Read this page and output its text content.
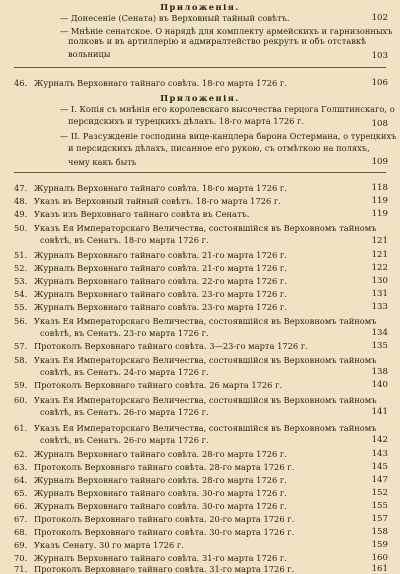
Приложенія.
— Донесеніе (Сената) въ Верховный тайный совѣтъ.	102
— Мнѣніе сенатское. О нарядѣ для комплекту армейскихъ и гарнизонныхъ
полковъ и въ артиллерію и адмиралтейство рекрутъ и объ отставкѣ
вольницы	103
46. Журналъ Верховнаго тайнаго совѣта. 18-го марта 1726 г.	106
Приложенія.
— I. Копія съ мнѣнія его королевскаго высочества герцога Голштинскаго, о
персидскихъ и турецкихъ дѣлахъ. 18-го марта 1726 г.	108
— II. Разсужденіе господина вице-канцлера барона Остермана, о турецкихъ
и персидскихъ дѣлахъ, писанное его рукою, съ отмѣткою на поляхъ,
чему какъ быть	109
47. Журналъ Верховнаго тайнаго совѣта. 18-го марта 1726 г.	118
48. Указъ въ Верховный тайный совѣтъ. 18-го марта 1726 г.	119
49. Указъ изъ Верховнаго тайнаго совѣта въ Сенатъ.	119
50. Указъ Ея Императорскаго Величества, состоявшійся въ Верховномъ тайномъ
совѣтѣ, въ Сенатъ. 18-го марта 1726 г.	121
51. Журналъ Верховнаго тайнаго совѣта. 21-го марта 1726 г.	121
52. Журналъ Верховнаго тайнаго совѣта. 21-го марта 1726 г.	122
53. Журналъ Верховнаго тайнаго совѣта. 22-го марта 1726 г.	130
54. Журналъ Верховнаго тайнаго совѣта. 23-го марта 1726 г.	131
55. Журналъ Верховнаго тайнаго совѣта. 23-го марта 1726 г.	133
56. Указъ Ея Императорскаго Величества, состоявшійся въ Верховномъ тайномъ
совѣтѣ, въ Сенатъ. 23-го марта 1726 г.	134
57. Протоколъ Верховнаго тайнаго совѣта. 3—23-го марта 1726 г.	135
58. Указъ Ея Императорскаго Величества, состоявшійся въ Верховномъ тайномъ
совѣтѣ, въ Сенатъ. 24-го марта 1726 г.	138
59. Протоколъ Верховнаго тайнаго совѣта. 26 марта 1726 г.	140
60. Указъ Ея Императорскаго Величества, состоявшійся въ Верховномъ тайномъ
совѣтѣ, въ Сенатъ. 26-го марта 1726 г.	141
61. Указъ Ея Императорскаго Величества, состоявшійся въ Верховномъ тайномъ
совѣтѣ, въ Сенатъ. 26-го марта 1726 г.	142
62. Журналъ Верховнаго тайнаго совѣта. 28-го марта 1726 г.	143
63. Протоколъ Верховнаго тайнаго совѣта. 28-го марта 1726 г.	145
64. Журналъ Верховнаго тайнаго совѣта. 28-го марта 1726 г.	147
65. Журналъ Верховнаго тайнаго совѣта. 30-го марта 1726 г.	152
66. Журналъ Верховнаго тайнаго совѣта. 30-го марта 1726 г.	155
67. Протоколъ Верховнаго тайнаго совѣта. 20-го марта 1726 г.	157
68. Протоколъ Верховнаго тайнаго совѣта. 30-го марта 1726 г.	158
69. Указъ Сенату. 30 го марта 1726 г.	159
70. Журналъ Верховнаго тайнаго совѣта. 31-го марта 1726 г.	160
71. Протоколъ Верховнаго тайнаго совѣта. 31-го марта 1726 г.	161
